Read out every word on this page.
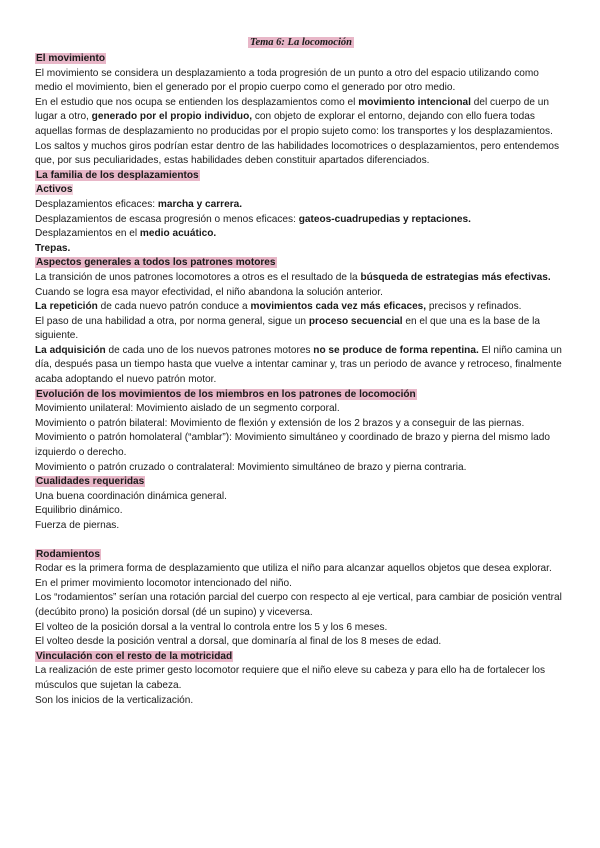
Tema 6: La locomoción
El movimiento

El movimiento se considera un desplazamiento a toda progresión de un punto a otro del espacio utilizando como medio el movimiento, bien el generado por el propio cuerpo como el generado por otro medio.

En el estudio que nos ocupa se entienden los desplazamientos como el movimiento intencional del cuerpo de un lugar a otro, generado por el propio individuo, con objeto de explorar el entorno, dejando con ello fuera todas aquellas formas de desplazamiento no producidas por el propio sujeto como: los transportes y los desplazamientos.

Los saltos y muchos giros podrían estar dentro de las habilidades locomotrices o desplazamientos, pero entendemos que, por sus peculiaridades, estas habilidades deben constituir apartados diferenciados.

La familia de los desplazamientos
Activos

Desplazamientos eficaces: marcha y carrera.

Desplazamientos de escasa progresión o menos eficaces: gateos-cuadrupedias y reptaciones.

Desplazamientos en el medio acuático.

Trepas.

Aspectos generales a todos los patrones motores

La transición de unos patrones locomotores a otros es el resultado de la búsqueda de estrategias más efectivas. Cuando se logra esa mayor efectividad, el niño abandona la solución anterior.

La repetición de cada nuevo patrón conduce a movimientos cada vez más eficaces, precisos y refinados.

El paso de una habilidad a otra, por norma general, sigue un proceso secuencial en el que una es la base de la siguiente.

La adquisición de cada uno de los nuevos patrones motores no se produce de forma repentina. El niño camina un día, después pasa un tiempo hasta que vuelve a intentar caminar y, tras un periodo de avance y retroceso, finalmente acaba adoptando el nuevo patrón motor.

Evolución de los movimientos de los miembros en los patrones de locomoción

Movimiento unilateral: Movimiento aislado de un segmento corporal.

Movimiento o patrón bilateral: Movimiento de flexión y extensión de los 2 brazos y a conseguir de las piernas.

Movimiento o patrón homolateral (“amblar”): Movimiento simultáneo y coordinado de brazo y pierna del mismo lado izquierdo o derecho.

Movimiento o patrón cruzado o contralateral: Movimiento simultáneo de brazo y pierna contraria.

Cualidades requeridas

Una buena coordinación dinámica general.

Equilibrio dinámico.

Fuerza de piernas.

Rodamientos

Rodar es la primera forma de desplazamiento que utiliza el niño para alcanzar aquellos objetos que desea explorar.

En el primer movimiento locomotor intencionado del niño.

Los “rodamientos” serían una rotación parcial del cuerpo con respecto al eje vertical, para cambiar de posición ventral (decúbito prono) la posición dorsal (dé un supino) y viceversa.

El volteo de la posición dorsal a la ventral lo controla entre los 5 y los 6 meses.

El volteo desde la posición ventral a dorsal, que dominaría al final de los 8 meses de edad.

Vinculación con el resto de la motricidad

La realización de este primer gesto locomotor requiere que el niño eleve su cabeza y para ello ha de fortalecer los músculos que sujetan la cabeza.

Son los inicios de la verticalización.
